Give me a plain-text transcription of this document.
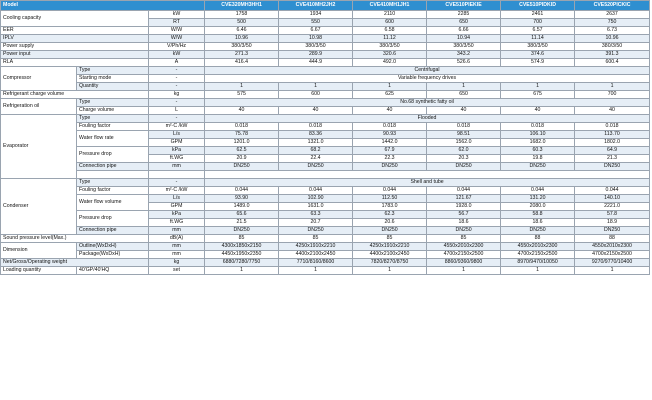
Model			CVE320MH3HH1	CVE410MH2JH2	CVE410MH1JH1	CVE510PIEKIE	CVE510PIDKID	CVE520PICKIC
Cooling capacity		kW	1758	1934	2110	2285	2461	2637
		RT	500	550	600	650	700	750
EER		W/W	6.46	6.67	6.58	6.66	6.57	6.73
IPLV		W/W	10.96	10.98	11.12	10.94	11.14	10.96
Power supply		V/Ph/Hz	380/3/50	380/3/50	380/3/50	380/3/50	380/3/50	380/3/50
Power input		kW	271.3	289.9	320.6	343.2	374.6	391.3
RLA		A	416.4	444.9	492.0	526.6	574.9	600.4
Compressor	Type	-	Centrifugal					
	Starting mode	-	Variable frequency drives					
	Quantity	-	1	1	1	1	1	1
Refrigerant charge volume		kg	575	600	625	650	675	700
Refrigeration oil	Type	-	No.68 synthetic fatty oil					
	Charge volume	L	40	40	40	40	40	40
Evaporator	Type	-	Flooded					
	Fouling factor	m²·C /kW	0.018	0.018	0.018	0.018	0.018	0.018
	Water flow rate	L/s	75.78	83.36	90.93	98.51	106.10	113.70
		GPM	1201.0	1321.0	1442.0	1562.0	1682.0	1802.0
	Pressure drop	kPa	62.5	68.2	67.9	62.0	60.3	64.9
		ft.WG	20.9	22.4	22.3	20.3	19.8	21.3
	Connection pipe	mm	DN250	DN250	DN250	DN250	DN250	DN250

Condenser	Type	-	Shell and tube					
	Fouling factor	m²·C /kW	0.044	0.044	0.044	0.044	0.044	0.044
	Water flow volume	L/s	93.90	102.90	112.50	121.67	131.20	140.10
		GPM	1489.0	1631.0	1783.0	1928.0	2080.0	2221.0
	Pressure drop	kPa	65.6	63.3	62.3	56.7	58.8	57.8
		ft.WG	21.5	20.7	20.6	18.6	18.6	18.9
	Connection pipe	mm	DN250	DN250	DN250	DN250	DN250	DN250
Sound pressure level(Max.)		dB(A)	85	85	85	85	88	88
Dimension	Outline(WxDxH)	mm	4300x1850x2150	4250x1910x2210	4250x1910x2210	4550x2010x2300	4550x2010x2300	4550x2010x2300
	Package(WxDxH)	mm	4450x1950x2350	4400x2100x2450	4400x2100x2450	4700x2150x2500	4700x2150x2500	4700x2150x2500
Net/Gross/Operating weight		kg	6880/7280/7750	7710/8160/8600	7820/8270/8750	8860/9360/9800	8970/9470/10050	9270/9770/10400
Loading quantity	40'GP/40'HQ	set	1	1	1	1	1	1
